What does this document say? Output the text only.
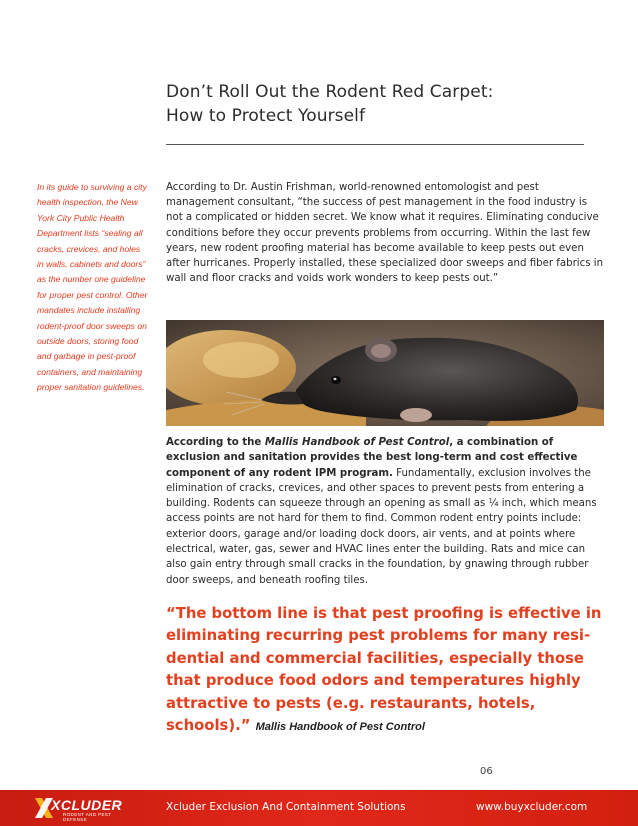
Don’t Roll Out the Rodent Red Carpet:
How to Protect Yourself
In its guide to surviving a city health inspection, the New York City Public Health Department lists “sealing all cracks, crevices, and holes in walls, cabinets and doors” as the number one guideline for proper pest control. Other mandates include installing rodent-proof door sweeps on outside doors, storing food and garbage in pest-proof containers, and maintaining proper sanitation guidelines.
According to Dr. Austin Frishman, world-renowned entomologist and pest management consultant, “the success of pest management in the food industry is not a complicated or hidden secret. We know what it requires. Eliminating conducive conditions before they occur prevents problems from occurring. Within the last few years, new rodent proofing material has become available to keep pests out even after hurricanes. Properly installed, these specialized door sweeps and fiber fabrics in wall and floor cracks and voids work wonders to keep pests out.”
According to the Mallis Handbook of Pest Control, a combination of exclusion and sanitation provides the best long-term and cost effective component of any rodent IPM program. Fundamentally, exclusion involves the elimination of cracks, crevices, and other spaces to prevent pests from entering a building. Rodents can squeeze through an opening as small as ¼ inch, which means access points are not hard for them to find. Common rodent entry points include: exterior doors, garage and/or loading dock doors, air vents, and at points where electrical, water, gas, sewer and HVAC lines enter the building. Rats and mice can also gain entry through small cracks in the foundation, by gnawing through rubber door sweeps, and beneath roofing tiles.
“The bottom line is that pest proofing is effective in eliminating recurring pest problems for many resi-dential and commercial facilities, especially those that produce food odors and temperatures highly attractive to pests (e.g. restaurants, hotels, schools).” Mallis Handbook of Pest Control
06
XCLUDER
RODENT AND PEST DEFENSE
Xcluder Exclusion And Containment Solutions	www.buyxcluder.com
